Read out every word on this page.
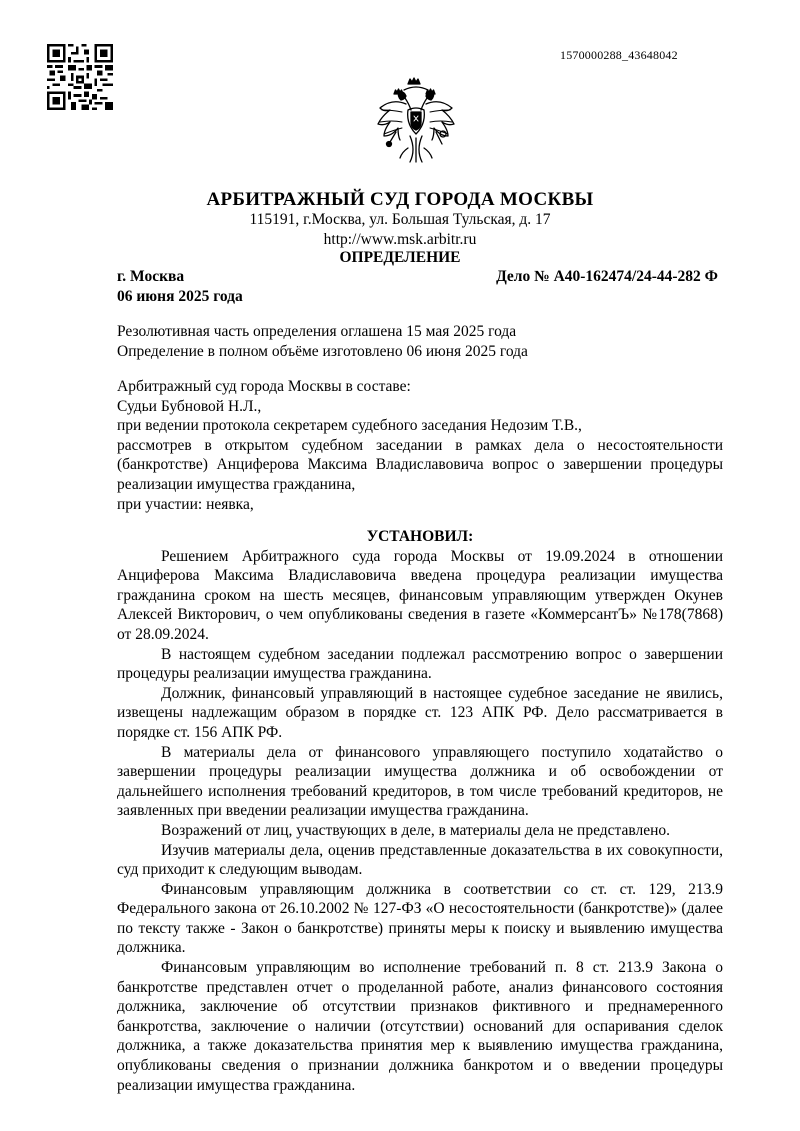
1570000288_43648042
АРБИТРАЖНЫЙ СУД ГОРОДА МОСКВЫ
115191, г.Москва, ул. Большая Тульская, д. 17
http://www.msk.arbitr.ru
ОПРЕДЕЛЕНИЕ
г. Москва	Дело № А40-162474/24-44-282 Ф
06 июня 2025 года

Резолютивная часть определения оглашена 15 мая 2025 года

Определение в полном объёме изготовлено 06 июня 2025 года

Арбитражный суд города Москвы в составе:

Судьи Бубновой Н.Л.,

при ведении протокола секретарем судебного заседания Недозим Т.В.,

рассмотрев в открытом судебном заседании в рамках дела о несостоятельности (банкротстве) Анциферова Максима Владиславовича вопрос о завершении процедуры реализации имущества гражданина,

при участии: неявка,

УСТАНОВИЛ:

Решением Арбитражного суда города Москвы от 19.09.2024 в отношении Анциферова Максима Владиславовича введена процедура реализации имущества гражданина сроком на шесть месяцев, финансовым управляющим утвержден Окунев Алексей Викторович, о чем опубликованы сведения в газете «КоммерсантЪ» №178(7868) от 28.09.2024.

В настоящем судебном заседании подлежал рассмотрению вопрос о завершении процедуры реализации имущества гражданина.

Должник, финансовый управляющий в настоящее судебное заседание не явились, извещены надлежащим образом в порядке ст. 123 АПК РФ. Дело рассматривается в порядке ст. 156 АПК РФ.

В материалы дела от финансового управляющего поступило ходатайство о завершении процедуры реализации имущества должника и об освобождении от дальнейшего исполнения требований кредиторов, в том числе требований кредиторов, не заявленных при введении реализации имущества гражданина.

Возражений от лиц, участвующих в деле, в материалы дела не представлено.

Изучив материалы дела, оценив представленные доказательства в их совокупности, суд приходит к следующим выводам.

Финансовым управляющим должника в соответствии со ст. ст. 129, 213.9 Федерального закона от 26.10.2002 № 127-ФЗ «О несостоятельности (банкротстве)» (далее по тексту также - Закон о банкротстве) приняты меры к поиску и выявлению имущества должника.

Финансовым управляющим во исполнение требований п. 8 ст. 213.9 Закона о банкротстве представлен отчет о проделанной работе, анализ финансового состояния должника, заключение об отсутствии признаков фиктивного и преднамеренного банкротства, заключение о наличии (отсутствии) оснований для оспаривания сделок должника, а также доказательства принятия мер к выявлению имущества гражданина, опубликованы сведения о признании должника банкротом и о введении процедуры реализации имущества гражданина.
